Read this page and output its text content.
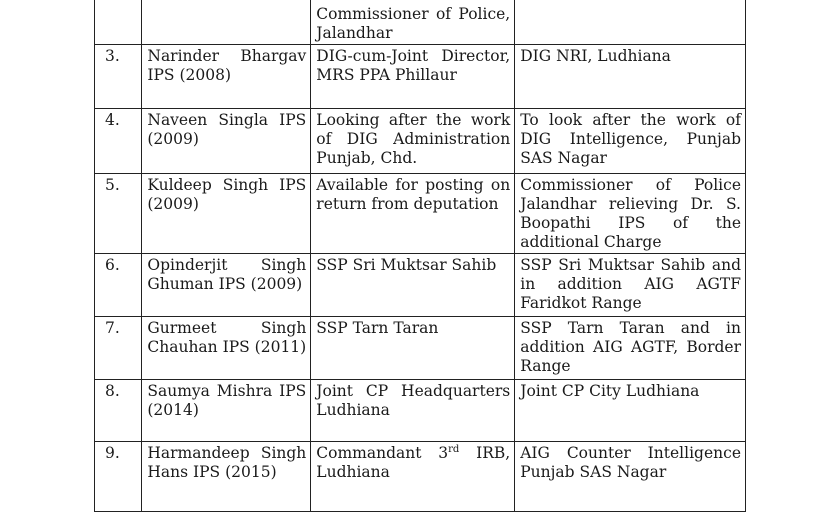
		Commissioner of Police, Jalandhar	
3.	Narinder Bhargav IPS (2008)	DIG-cum-Joint Director, MRS PPA Phillaur	DIG NRI, Ludhiana
4.	Naveen Singla IPS (2009)	Looking after the work of DIG Administration Punjab, Chd.	To look after the work of DIG Intelligence, Punjab SAS Nagar
5.	Kuldeep Singh IPS (2009)	Available for posting on return from deputation	Commissioner of Police Jalandhar relieving Dr. S. Boopathi IPS of the additional Charge
6.	Opinderjit Singh Ghuman IPS (2009)	SSP Sri Muktsar Sahib	SSP Sri Muktsar Sahib and in addition AIG AGTF Faridkot Range
7.	Gurmeet Singh Chauhan IPS (2011)	SSP Tarn Taran	SSP Tarn Taran and in addition AIG AGTF, Border Range
8.	Saumya Mishra IPS (2014)	Joint CP Headquarters Ludhiana	Joint CP City Ludhiana
9.	Harmandeep Singh Hans IPS (2015)	Commandant 3rd IRB, Ludhiana	AIG Counter Intelligence Punjab SAS Nagar
